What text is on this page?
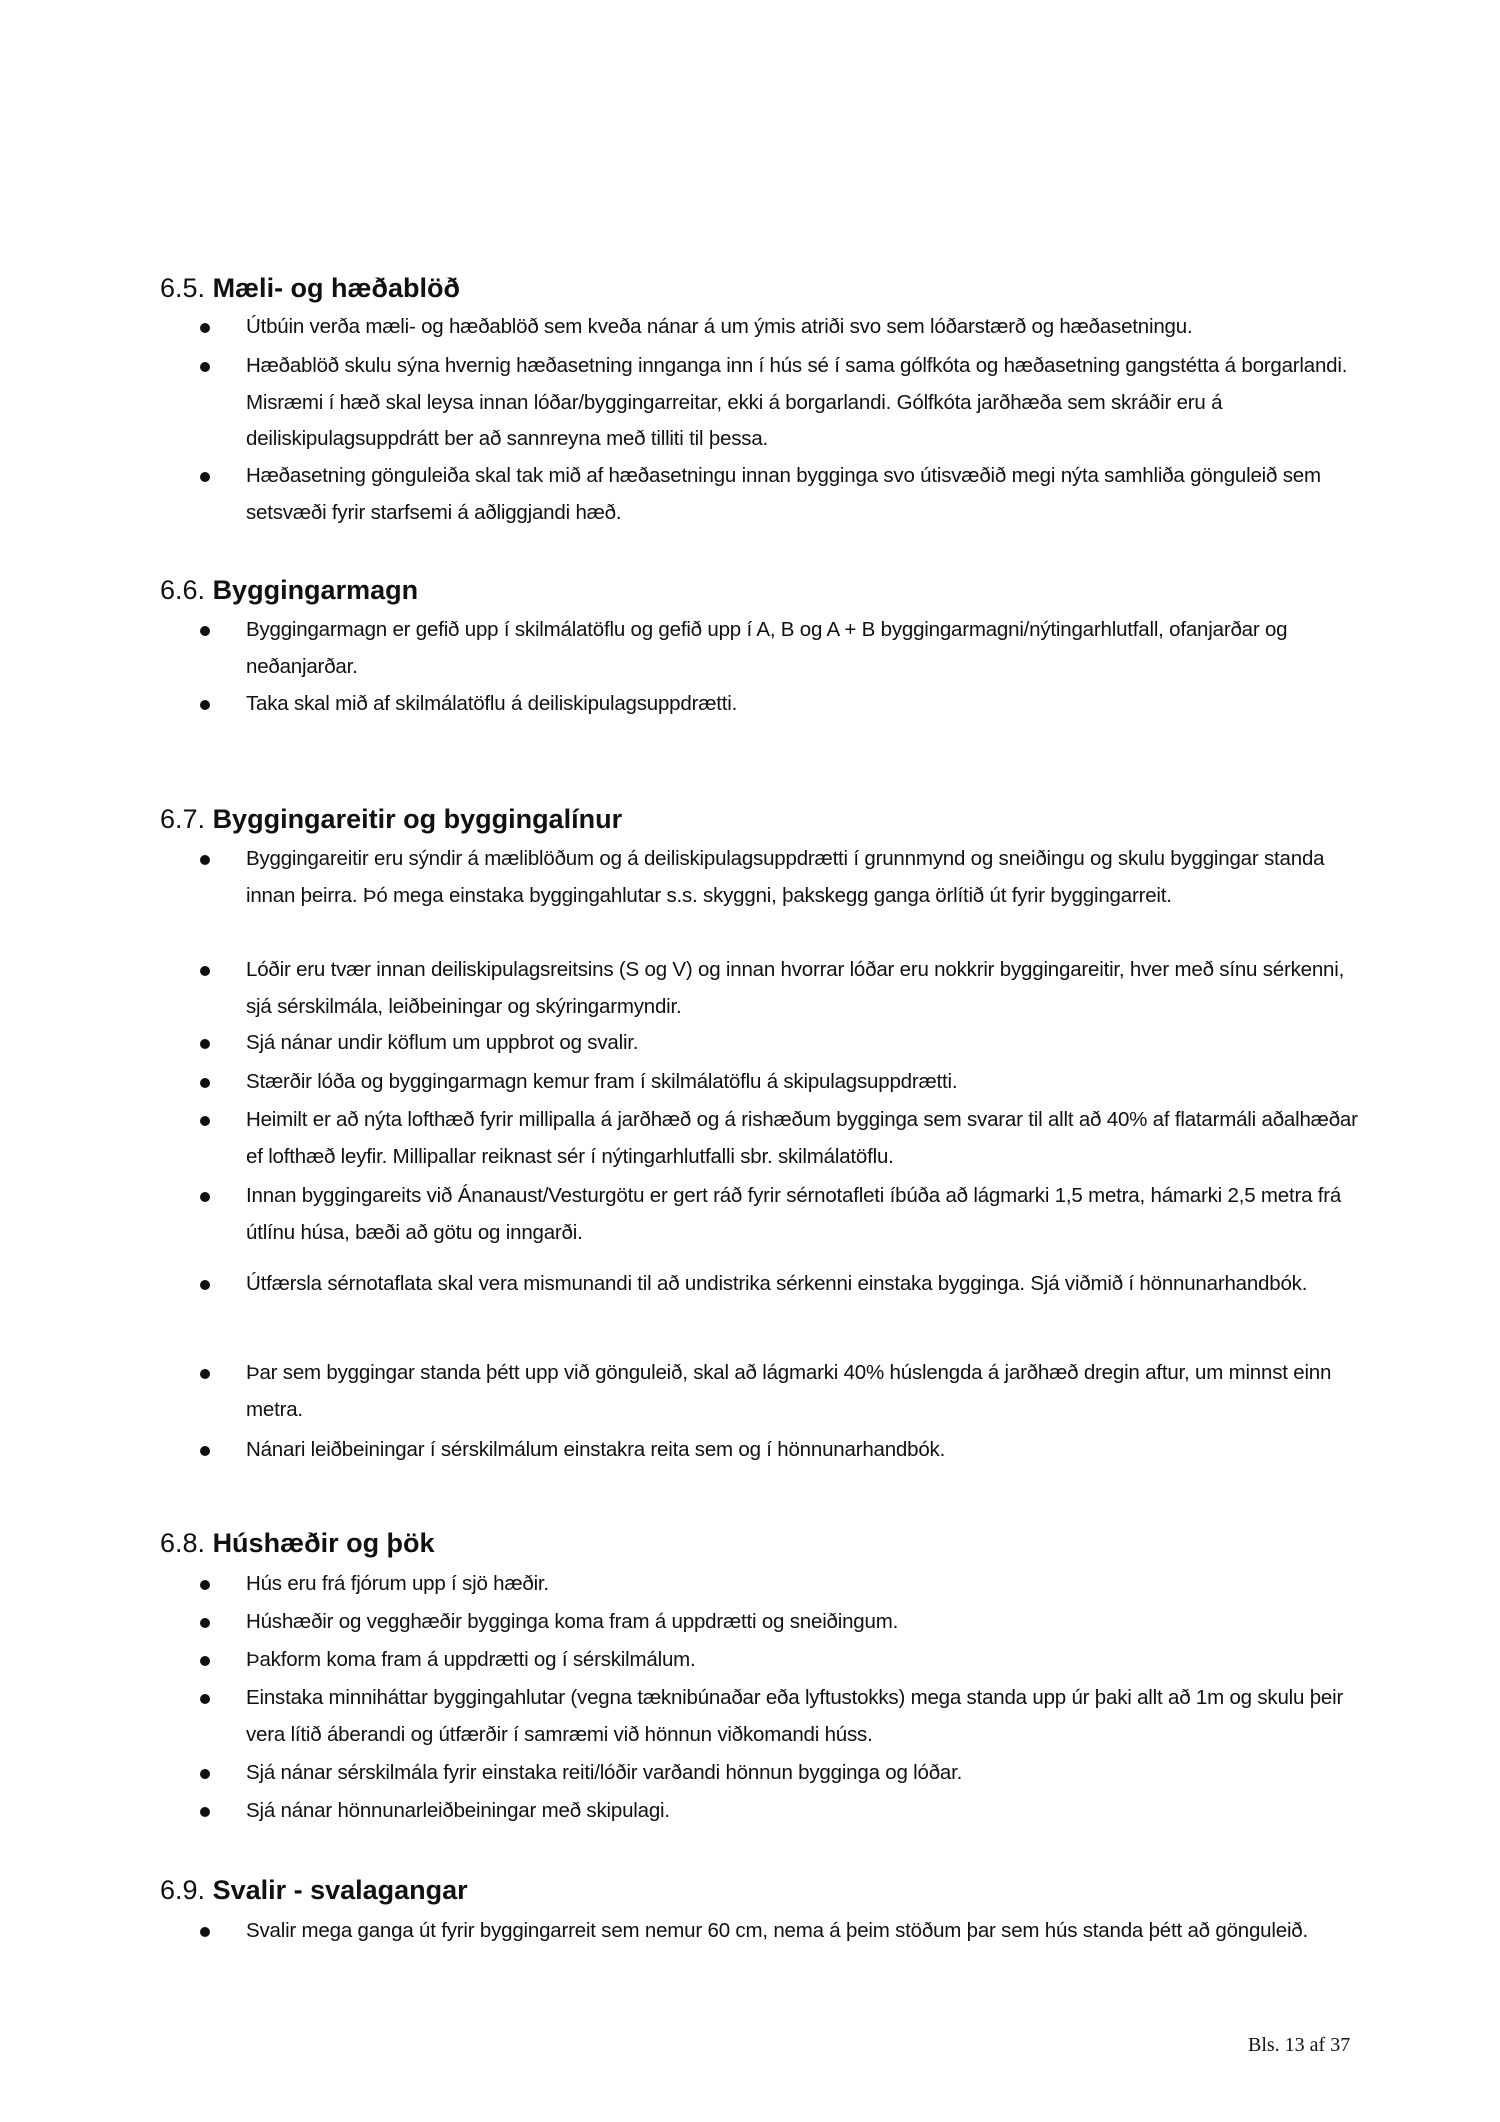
6.5. Mæli- og hæðablöð
Útbúin verða mæli- og hæðablöð sem kveða nánar á um ýmis atriði svo sem lóðarstærð og hæðasetningu.
Hæðablöð skulu sýna hvernig hæðasetning innganga inn í hús sé í sama gólfkóta og hæðasetning gangstétta á borgarlandi. Misræmi í hæð skal leysa innan lóðar/byggingarreitar, ekki á borgarlandi. Gólfkóta jarðhæða sem skráðir eru á deiliskipulagsuppdrátt ber að sannreyna með tilliti til þessa.
Hæðasetning gönguleiða skal tak mið af hæðasetningu innan bygginga svo útisvæðið megi nýta samhliða gönguleið sem setsvæði fyrir starfsemi á aðliggjandi hæð.
6.6. Byggingarmagn
Byggingarmagn er gefið upp í skilmálatöflu og gefið upp í A, B og A + B byggingarmagni/nýtingarhlutfall, ofanjarðar og neðanjarðar.
Taka skal mið af skilmálatöflu á deiliskipulagsuppdrætti.
6.7. Byggingareitir og byggingalínur
Byggingareitir eru sýndir á mæliblöðum og á deiliskipulagsuppdrætti í grunnmynd og sneiðingu og skulu byggingar standa innan þeirra. Þó mega einstaka byggingahlutar s.s. skyggni, þakskegg ganga örlítið út fyrir byggingarreit.
Lóðir eru tvær innan deiliskipulagsreitsins (S og V) og innan hvorrar lóðar eru nokkrir byggingareitir, hver með sínu sérkenni, sjá sérskilmála, leiðbeiningar og skýringarmyndir.
Sjá nánar undir köflum um uppbrot og svalir.
Stærðir lóða og byggingarmagn kemur fram í skilmálatöflu á skipulagsuppdrætti.
Heimilt er að nýta lofthæð fyrir millipalla á jarðhæð og á rishæðum bygginga sem svarar til allt að 40% af flatarmáli aðalhæðar ef lofthæð leyfir. Millipallar reiknast sér í nýtingarhlutfalli sbr. skilmálatöflu.
Innan byggingareits við Ánanaust/Vesturgötu er gert ráð fyrir sérnotafleti íbúða að lágmarki 1,5 metra, hámarki 2,5 metra frá útlínu húsa, bæði að götu og inngarði.
Útfærsla sérnotaflata skal vera mismunandi til að undistrika sérkenni einstaka bygginga. Sjá viðmið í hönnunarhandbók.
Þar sem byggingar standa þétt upp við gönguleið, skal að lágmarki 40% húslengda á jarðhæð dregin aftur, um minnst einn metra.
Nánari leiðbeiningar í sérskilmálum einstakra reita sem og í hönnunarhandbók.
6.8. Húshæðir og þök
Hús eru frá fjórum upp í sjö hæðir.
Húshæðir og vegghæðir bygginga koma fram á uppdrætti og sneiðingum.
Þakform koma fram á uppdrætti og í sérskilmálum.
Einstaka minniháttar byggingahlutar (vegna tæknibúnaðar eða lyftustokks) mega standa upp úr þaki allt að 1m og skulu þeir vera lítið áberandi og útfærðir í samræmi við hönnun viðkomandi húss.
Sjá nánar sérskilmála fyrir einstaka reiti/lóðir varðandi hönnun bygginga og lóðar.
Sjá nánar hönnunarleiðbeiningar með skipulagi.
6.9. Svalir - svalagangar
Svalir mega ganga út fyrir byggingarreit sem nemur 60 cm, nema á þeim stöðum þar sem hús standa þétt að gönguleið.
Bls. 13 af 37
